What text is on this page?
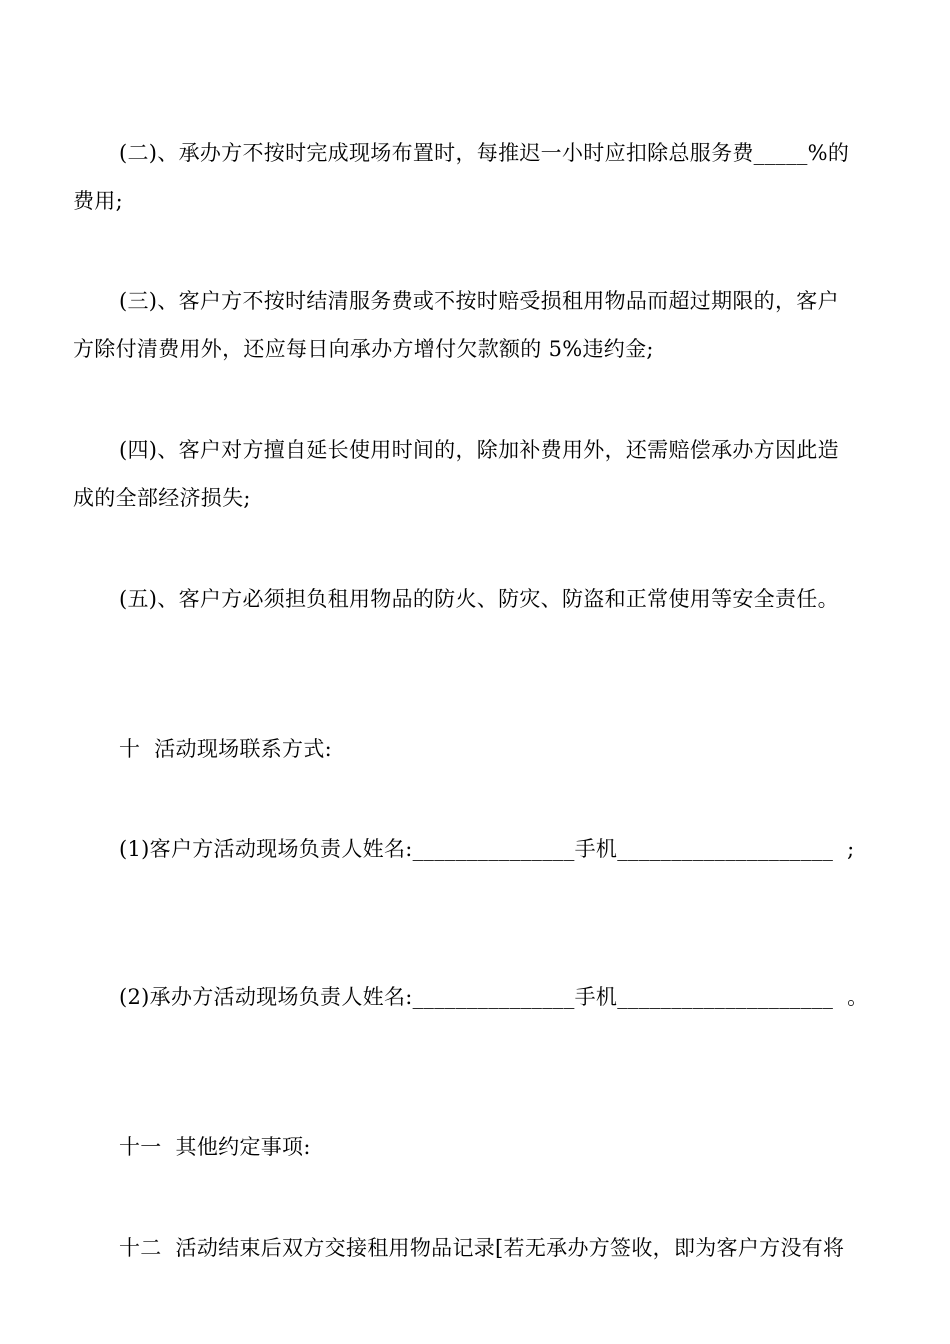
(二)、承办方不按时完成现场布置时，每推迟一小时应扣除总服务费_____%的
费用;
(三)、客户方不按时结清服务费或不按时赔受损租用物品而超过期限的，客户
方除付清费用外，还应每日向承办方增付欠款额的 5%违约金;
(四)、客户对方擅自延长使用时间的，除加补费用外，还需赔偿承办方因此造
成的全部经济损失;
(五)、客户方必须担负租用物品的防火、防灾、防盗和正常使用等安全责任。
十  活动现场联系方式:
(1)客户方活动现场负责人姓名:_______________手机____________________  ;
(2)承办方活动现场负责人姓名:_______________手机____________________  。
十一  其他约定事项:
十二  活动结束后双方交接租用物品记录[若无承办方签收，即为客户方没有将
